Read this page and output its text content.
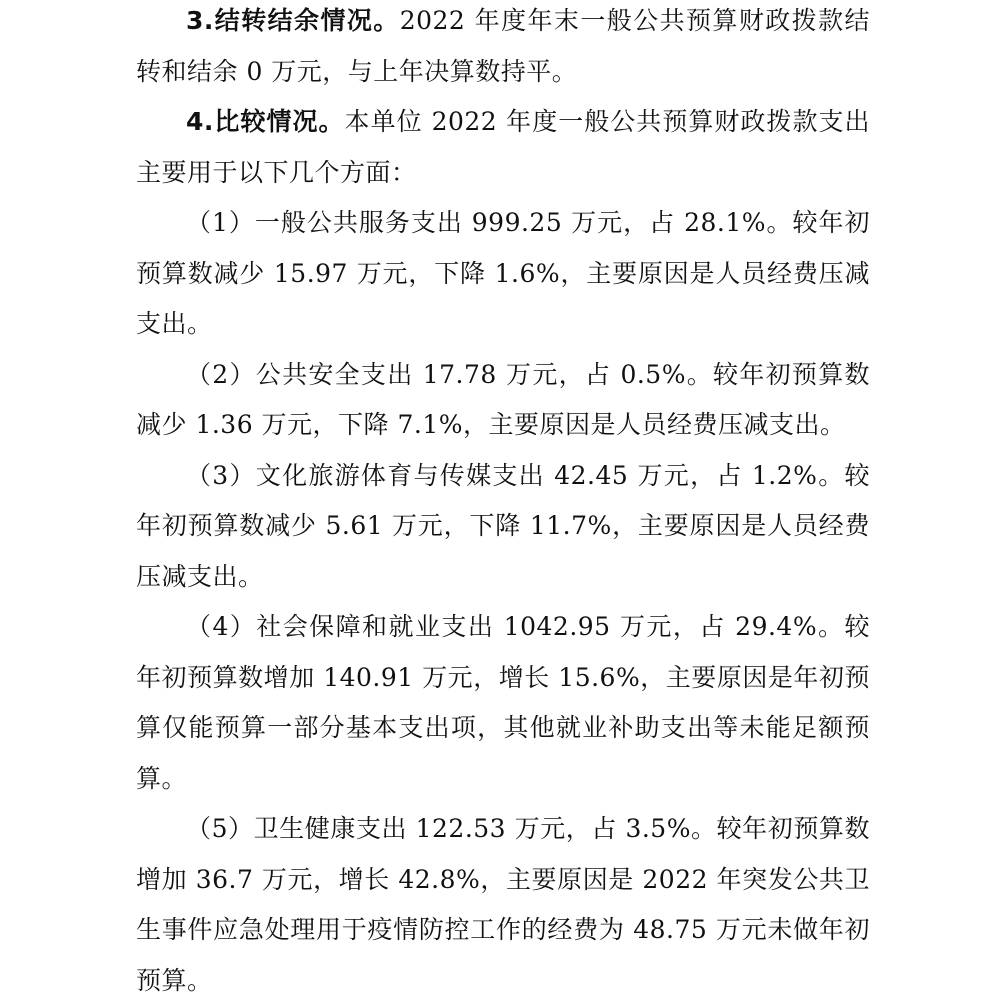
3.结转结余情况。2022 年度年末一般公共预算财政拨款结转和结余 0 万元，与上年决算数持平。

4.比较情况。本单位 2022 年度一般公共预算财政拨款支出主要用于以下几个方面：

（1）一般公共服务支出 999.25 万元，占 28.1%。较年初预算数减少 15.97 万元，下降 1.6%，主要原因是人员经费压减支出。

（2）公共安全支出 17.78 万元，占 0.5%。较年初预算数减少 1.36 万元，下降 7.1%，主要原因是人员经费压减支出。

（3）文化旅游体育与传媒支出 42.45 万元，占 1.2%。较年初预算数减少 5.61 万元，下降 11.7%，主要原因是人员经费压减支出。

（4）社会保障和就业支出 1042.95 万元，占 29.4%。较年初预算数增加 140.91 万元，增长 15.6%，主要原因是年初预算仅能预算一部分基本支出项，其他就业补助支出等未能足额预算。

（5）卫生健康支出 122.53 万元，占 3.5%。较年初预算数增加 36.7 万元，增长 42.8%，主要原因是 2022 年突发公共卫生事件应急处理用于疫情防控工作的经费为 48.75 万元未做年初预算。
